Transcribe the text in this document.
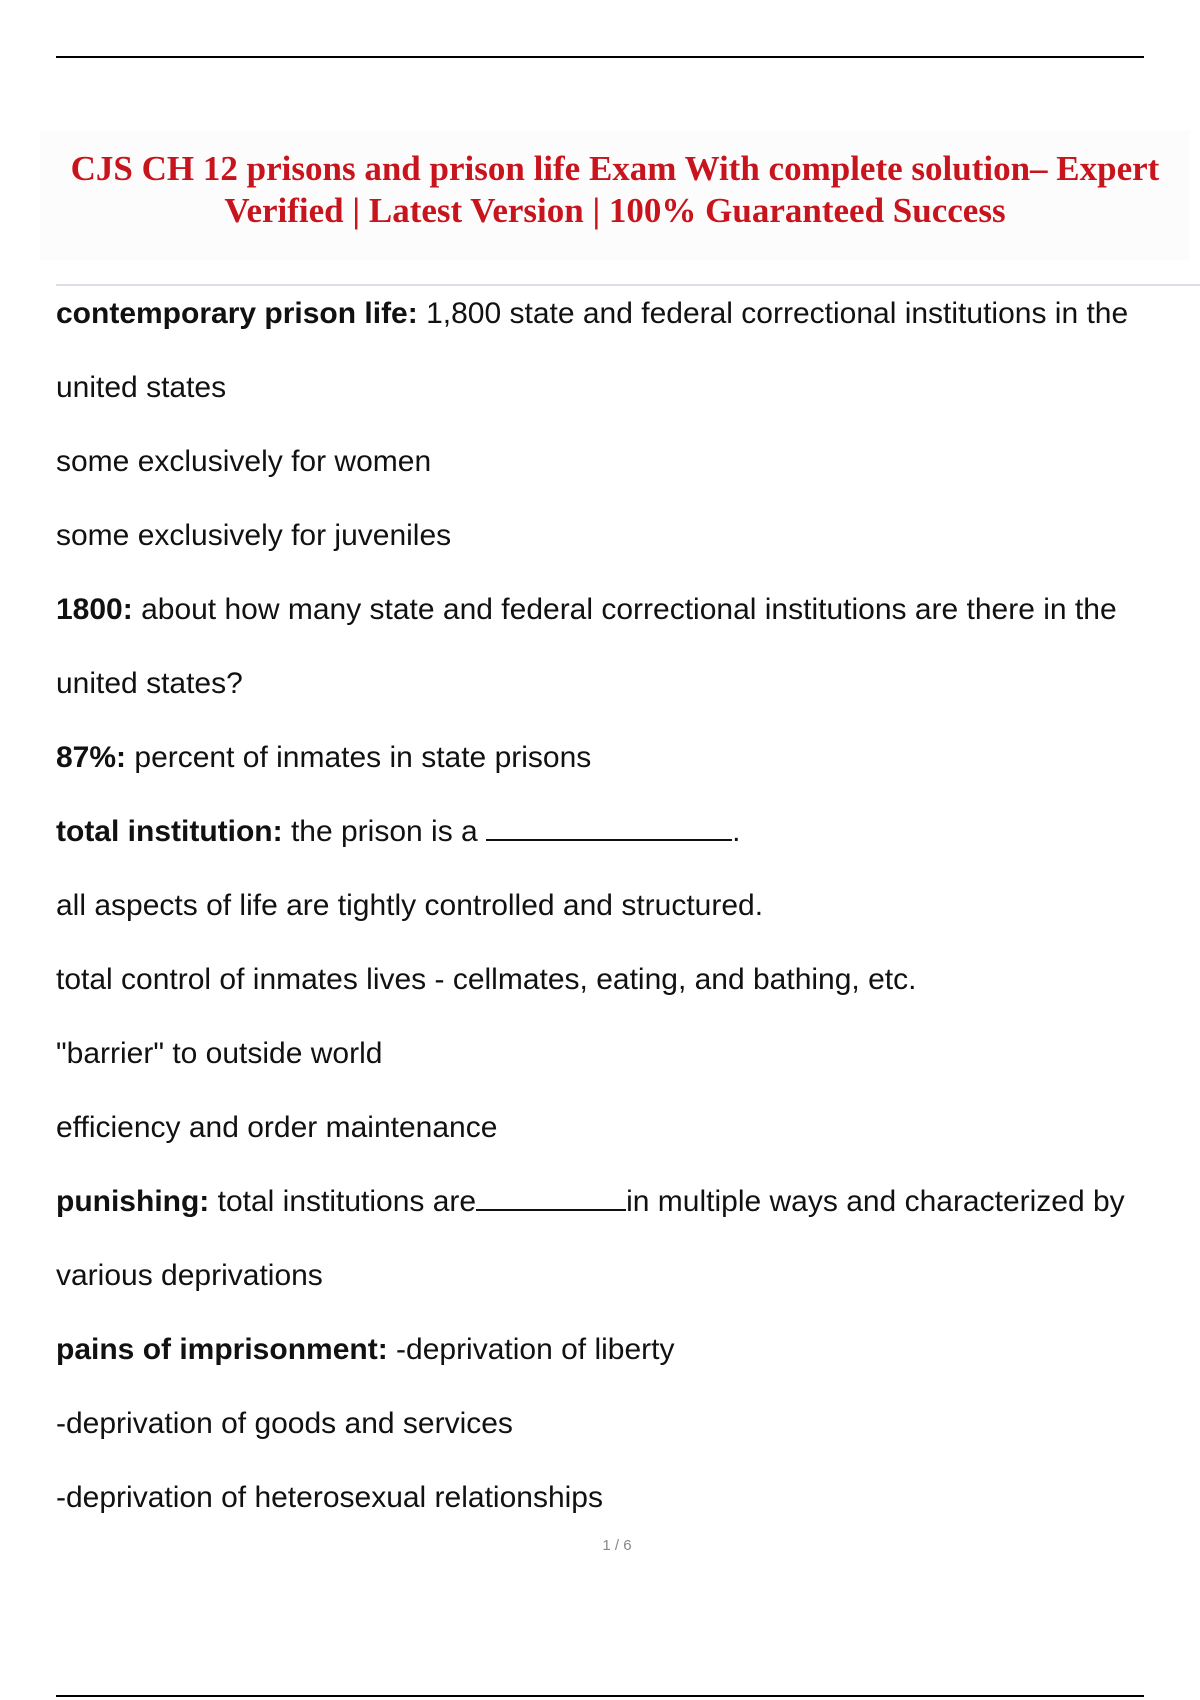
CJS CH 12 prisons and prison life Exam With complete solution– Expert
Verified | Latest Version | 100% Guaranteed Success

contemporary prison life: 1,800 state and federal correctional institutions in the

united states

some exclusively for women

some exclusively for juveniles

1800: about how many state and federal correctional institutions are there in the

united states?

87%: percent of inmates in state prisons

total institution: the prison is a	.

all aspects of life are tightly controlled and structured.

total control of inmates lives - cellmates, eating, and bathing, etc.

"barrier" to outside world

efficiency and order maintenance

punishing: total institutions are	in multiple ways and characterized by

various deprivations

pains of imprisonment: -deprivation of liberty

-deprivation of goods and services

-deprivation of heterosexual relationships

1 / 6
